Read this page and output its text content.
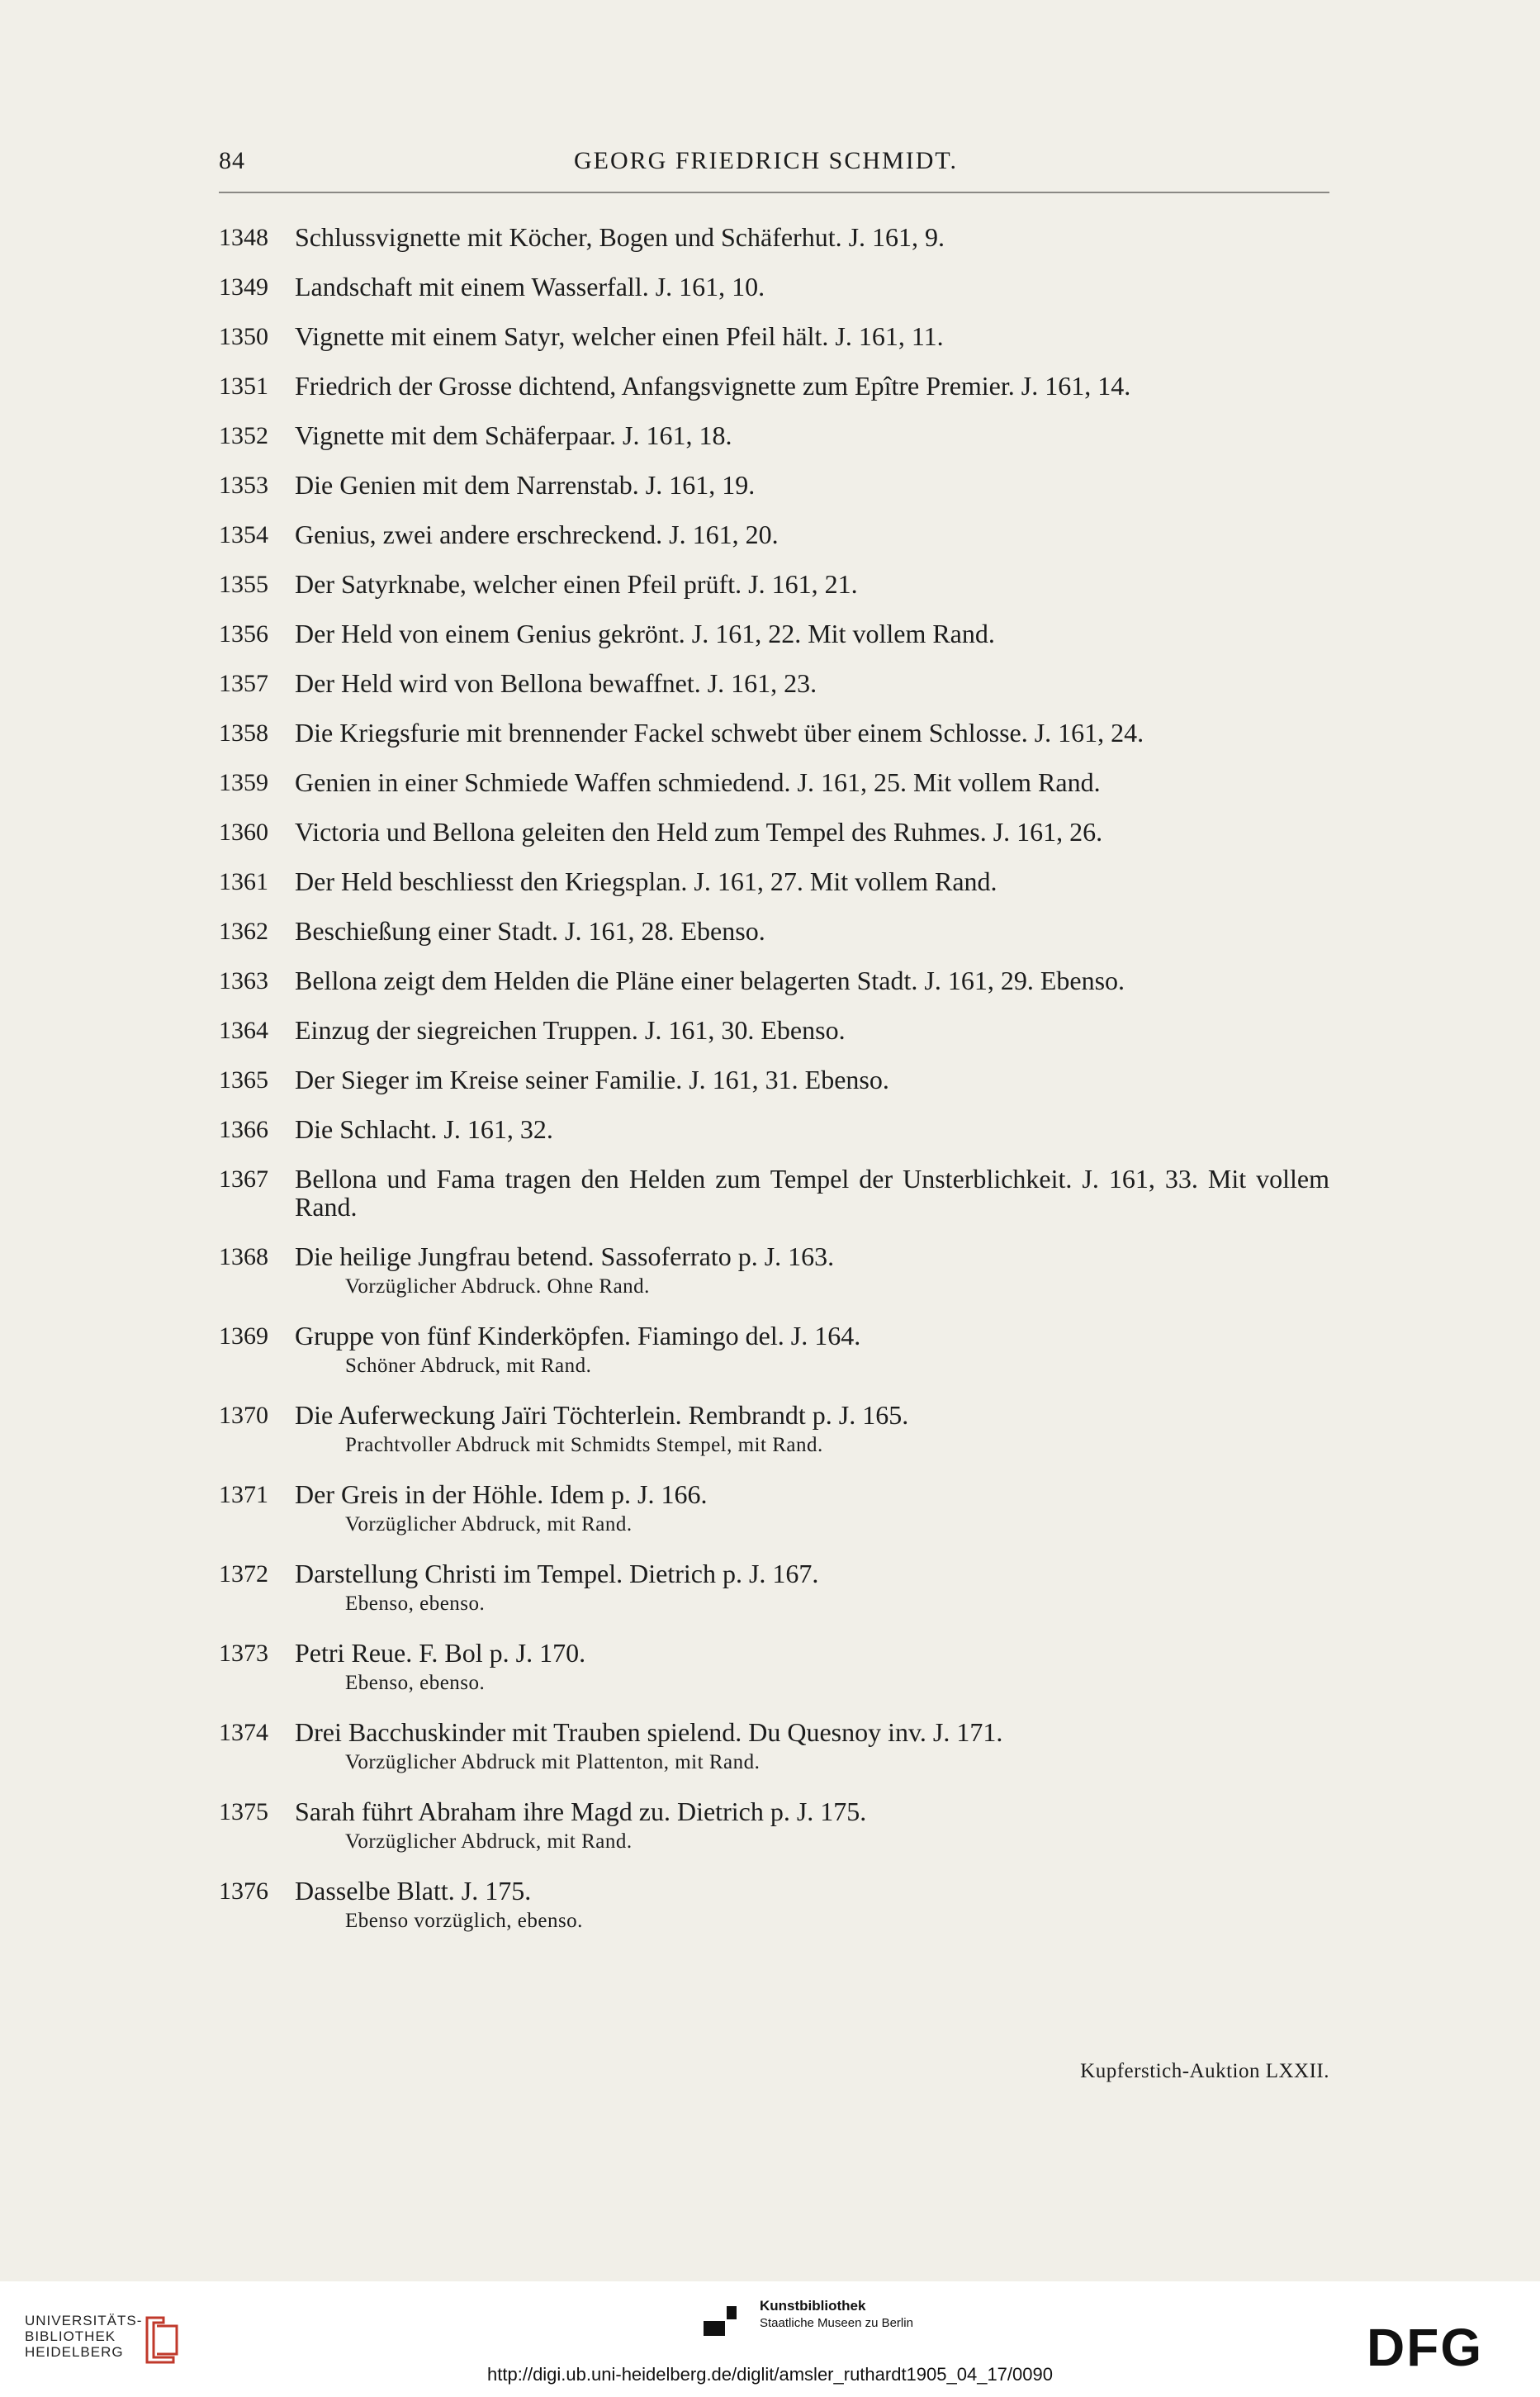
84	GEORG FRIEDRICH SCHMIDT.
1348	Schlussvignette mit Köcher, Bogen und Schäferhut. J. 161, 9.
1349	Landschaft mit einem Wasserfall. J. 161, 10.
1350	Vignette mit einem Satyr, welcher einen Pfeil hält. J. 161, 11.
1351	Friedrich der Grosse dichtend, Anfangsvignette zum Epître Premier. J. 161, 14.
1352	Vignette mit dem Schäferpaar. J. 161, 18.
1353	Die Genien mit dem Narrenstab. J. 161, 19.
1354	Genius, zwei andere erschreckend. J. 161, 20.
1355	Der Satyrknabe, welcher einen Pfeil prüft. J. 161, 21.
1356	Der Held von einem Genius gekrönt. J. 161, 22. Mit vollem Rand.
1357	Der Held wird von Bellona bewaffnet. J. 161, 23.
1358	Die Kriegsfurie mit brennender Fackel schwebt über einem Schlosse. J. 161, 24.
1359	Genien in einer Schmiede Waffen schmiedend. J. 161, 25. Mit vollem Rand.
1360	Victoria und Bellona geleiten den Held zum Tempel des Ruhmes. J. 161, 26.
1361	Der Held beschliesst den Kriegsplan. J. 161, 27. Mit vollem Rand.
1362	Beschießung einer Stadt. J. 161, 28. Ebenso.
1363	Bellona zeigt dem Helden die Pläne einer belagerten Stadt. J. 161, 29. Ebenso.
1364	Einzug der siegreichen Truppen. J. 161, 30. Ebenso.
1365	Der Sieger im Kreise seiner Familie. J. 161, 31. Ebenso.
1366	Die Schlacht. J. 161, 32.
1367	Bellona und Fama tragen den Helden zum Tempel der Unsterblichkeit. J. 161, 33. Mit vollem Rand.
1368	Die heilige Jungfrau betend. Sassoferrato p. J. 163.
Vorzüglicher Abdruck. Ohne Rand.
1369	Gruppe von fünf Kinderköpfen. Fiamingo del. J. 164.
Schöner Abdruck, mit Rand.
1370	Die Auferweckung Jaïri Töchterlein. Rembrandt p. J. 165.
Prachtvoller Abdruck mit Schmidts Stempel, mit Rand.
1371	Der Greis in der Höhle. Idem p. J. 166.
Vorzüglicher Abdruck, mit Rand.
1372	Darstellung Christi im Tempel. Dietrich p. J. 167.
Ebenso, ebenso.
1373	Petri Reue. F. Bol p. J. 170.
Ebenso, ebenso.
1374	Drei Bacchuskinder mit Trauben spielend. Du Quesnoy inv. J. 171.
Vorzüglicher Abdruck mit Plattenton, mit Rand.
1375	Sarah führt Abraham ihre Magd zu. Dietrich p. J. 175.
Vorzüglicher Abdruck, mit Rand.
1376	Dasselbe Blatt. J. 175.
Ebenso vorzüglich, ebenso.
Kupferstich-Auktion LXXII.
UNIVERSITÄTS-
BIBLIOTHEK
HEIDELBERG
Kunstbibliothek
Staatliche Museen zu Berlin	DFG
http://digi.ub.uni-heidelberg.de/diglit/amsler_ruthardt1905_04_17/0090
